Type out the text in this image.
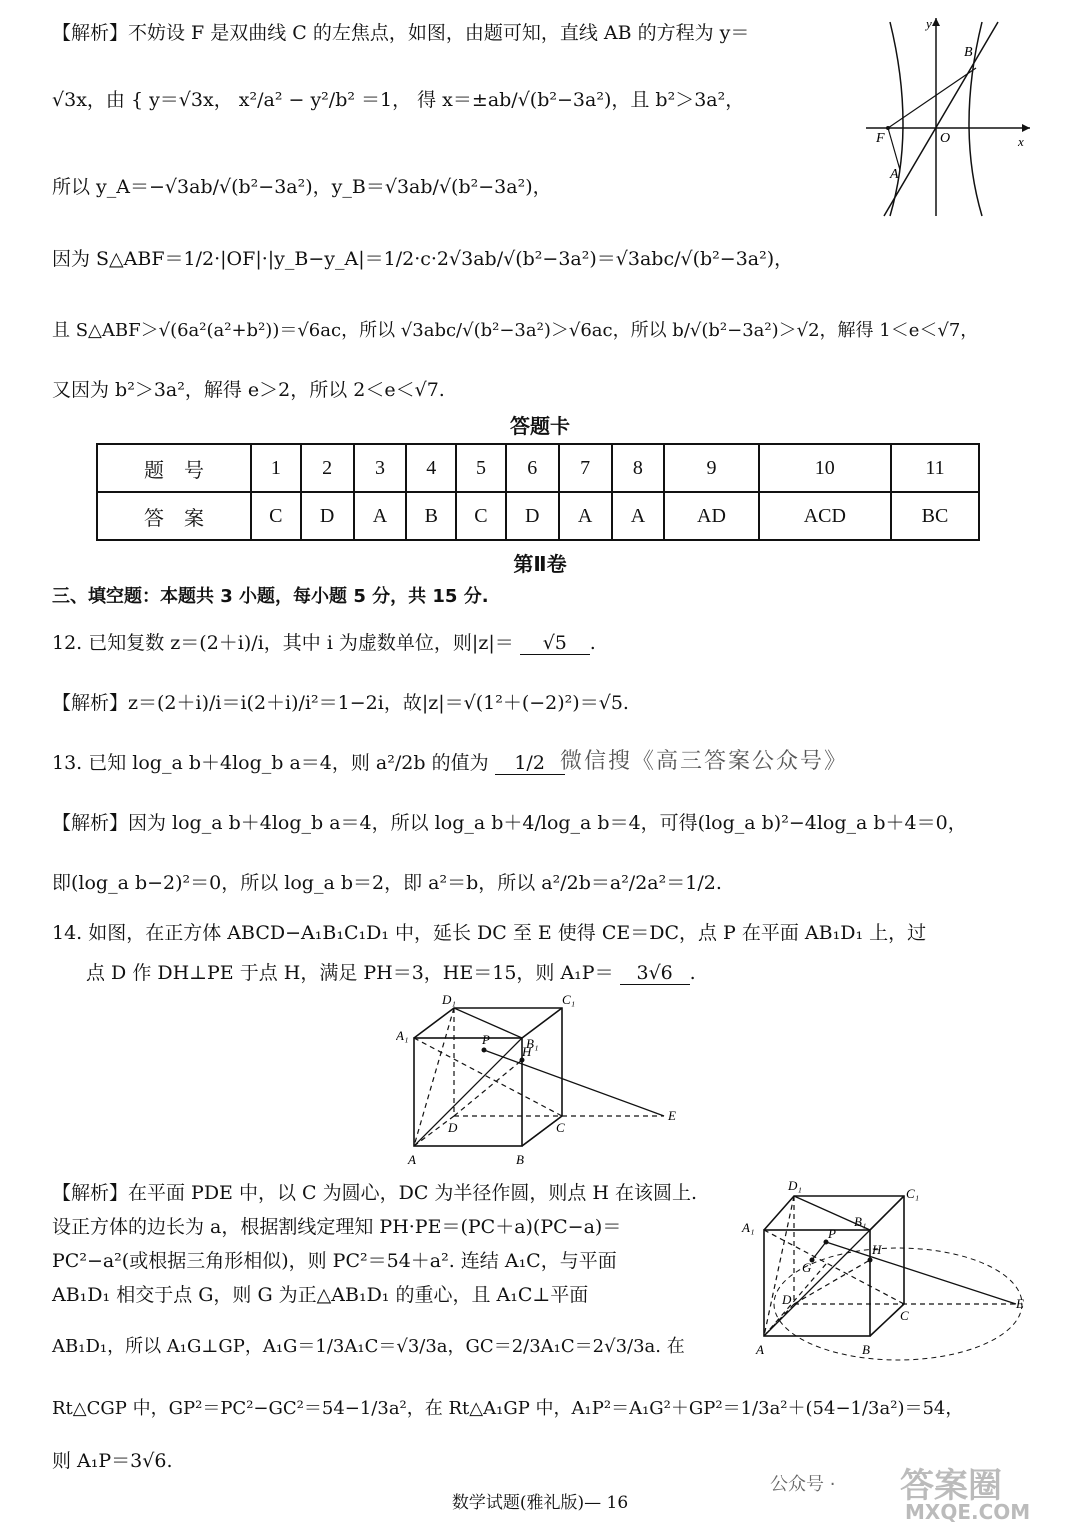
【解析】不妨设 F 是双曲线 C 的左焦点，如图，由题可知，直线 AB 的方程为 y＝
√3x，由 { y＝√3x， x²/a² − y²/b² ＝1， 得 x＝±ab/√(b²−3a²)，且 b²＞3a²，
所以 y_A＝−√3ab/√(b²−3a²)，y_B＝√3ab/√(b²−3a²)，
因为 S△ABF＝1/2·|OF|·|y_B−y_A|＝1/2·c·2√3ab/√(b²−3a²)＝√3abc/√(b²−3a²)，
且 S△ABF＞√(6a²(a²+b²))＝√6ac，所以 √3abc/√(b²−3a²)＞√6ac，所以 b/√(b²−3a²)＞√2，解得 1＜e＜√7，
又因为 b²＞3a²，解得 e＞2，所以 2＜e＜√7.
y
x
B
F	O
A
答题卡
题　号	1	2	3	4	5	6	7	8	9	10	11
答　案	C	D	A	B	C	D	A	A	AD	ACD	BC
第Ⅱ卷
三、填空题：本题共 3 小题，每小题 5 分，共 15 分.
12. 已知复数 z＝(2＋i)/i，其中 i 为虚数单位，则|z|＝ √5 .
【解析】z＝(2＋i)/i＝i(2＋i)/i²＝1−2i，故|z|＝√(1²＋(−2)²)＝√5.
13. 已知 log_a b＋4log_b a＝4，则 a²/2b 的值为 1/2 微信搜《高三答案公众号》
【解析】因为 log_a b＋4log_b a＝4，所以 log_a b＋4/log_a b＝4，可得(log_a b)²−4log_a b＋4＝0，
即(log_a b−2)²＝0，所以 log_a b＝2，即 a²＝b，所以 a²/2b＝a²/2a²＝1/2.
14. 如图，在正方体 ABCD−A₁B₁C₁D₁ 中，延长 DC 至 E 使得 CE＝DC，点 P 在平面 AB₁D₁ 上，过
点 D 作 DH⊥PE 于点 H，满足 PH＝3，HE＝15，则 A₁P＝ 3√6 .
D₁	C₁
A₁
B₁
P
H
D	C
E
A	B
【解析】在平面 PDE 中，以 C 为圆心，DC 为半径作圆，则点 H 在该圆上.
设正方体的边长为 a，根据割线定理知 PH·PE＝(PC＋a)(PC−a)＝
PC²−a²(或根据三角形相似)，则 PC²＝54＋a². 连结 A₁C，与平面
AB₁D₁ 相交于点 G，则 G 为正△AB₁D₁ 的重心，且 A₁C⊥平面
AB₁D₁，所以 A₁G⊥GP，A₁G＝1/3A₁C＝√3/3a，GC＝2/3A₁C＝2√3/3a. 在
Rt△CGP 中，GP²＝PC²−GC²＝54−1/3a²，在 Rt△A₁GP 中，A₁P²＝A₁G²＋GP²＝1/3a²＋(54−1/3a²)＝54，
则 A₁P＝3√6.
D₁
C₁
A₁	B₁
P
G
H
D
C
E
A	B
数学试题(雅礼版)— 16
公众号 · 答案圈
MXQE.COM
